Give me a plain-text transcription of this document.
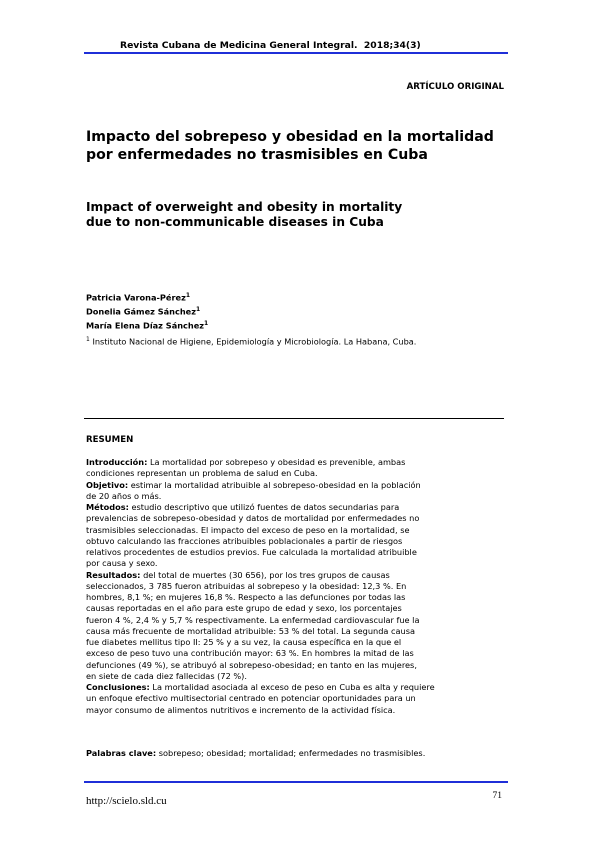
Revista Cubana de Medicina General Integral. 2018;34(3)
ARTÍCULO ORIGINAL
Impacto del sobrepeso y obesidad en la mortalidad
por enfermedades no trasmisibles en Cuba
Impact of overweight and obesity in mortality
due to non-communicable diseases in Cuba
Patricia Varona-Pérez$^1$
Donelia Gámez Sánchez$^1$
María Elena Díaz Sánchez$^1$
$^1$ Instituto Nacional de Higiene, Epidemiología y Microbiología. La Habana, Cuba.
RESUMEN

Introducción: La mortalidad por sobrepeso y obesidad es prevenible, ambas
condiciones representan un problema de salud en Cuba.

Objetivo: estimar la mortalidad atribuible al sobrepeso-obesidad en la población
de 20 años o más.

Métodos: estudio descriptivo que utilizó fuentes de datos secundarias para
prevalencias de sobrepeso-obesidad y datos de mortalidad por enfermedades no
trasmisibles seleccionadas. El impacto del exceso de peso en la mortalidad, se
obtuvo calculando las fracciones atribuibles poblacionales a partir de riesgos
relativos procedentes de estudios previos. Fue calculada la mortalidad atribuible
por causa y sexo.

Resultados: del total de muertes (30 656), por los tres grupos de causas
seleccionados, 3 785 fueron atribuidas al sobrepeso y la obesidad: 12,3 %. En
hombres, 8,1 %; en mujeres 16,8 %. Respecto a las defunciones por todas las
causas reportadas en el año para este grupo de edad y sexo, los porcentajes
fueron 4 %, 2,4 % y 5,7 % respectivamente. La enfermedad cardiovascular fue la
causa más frecuente de mortalidad atribuible: 53 % del total. La segunda causa
fue diabetes mellitus tipo II: 25 % y a su vez, la causa específica en la que el
exceso de peso tuvo una contribución mayor: 63 %. En hombres la mitad de las
defunciones (49 %), se atribuyó al sobrepeso-obesidad; en tanto en las mujeres,
en siete de cada diez fallecidas (72 %).

Conclusiones: La mortalidad asociada al exceso de peso en Cuba es alta y requiere
un enfoque efectivo multisectorial centrado en potenciar oportunidades para un
mayor consumo de alimentos nutritivos e incremento de la actividad física.

Palabras clave: sobrepeso; obesidad; mortalidad; enfermedades no trasmisibles.
http://scielo.sld.cu	71
